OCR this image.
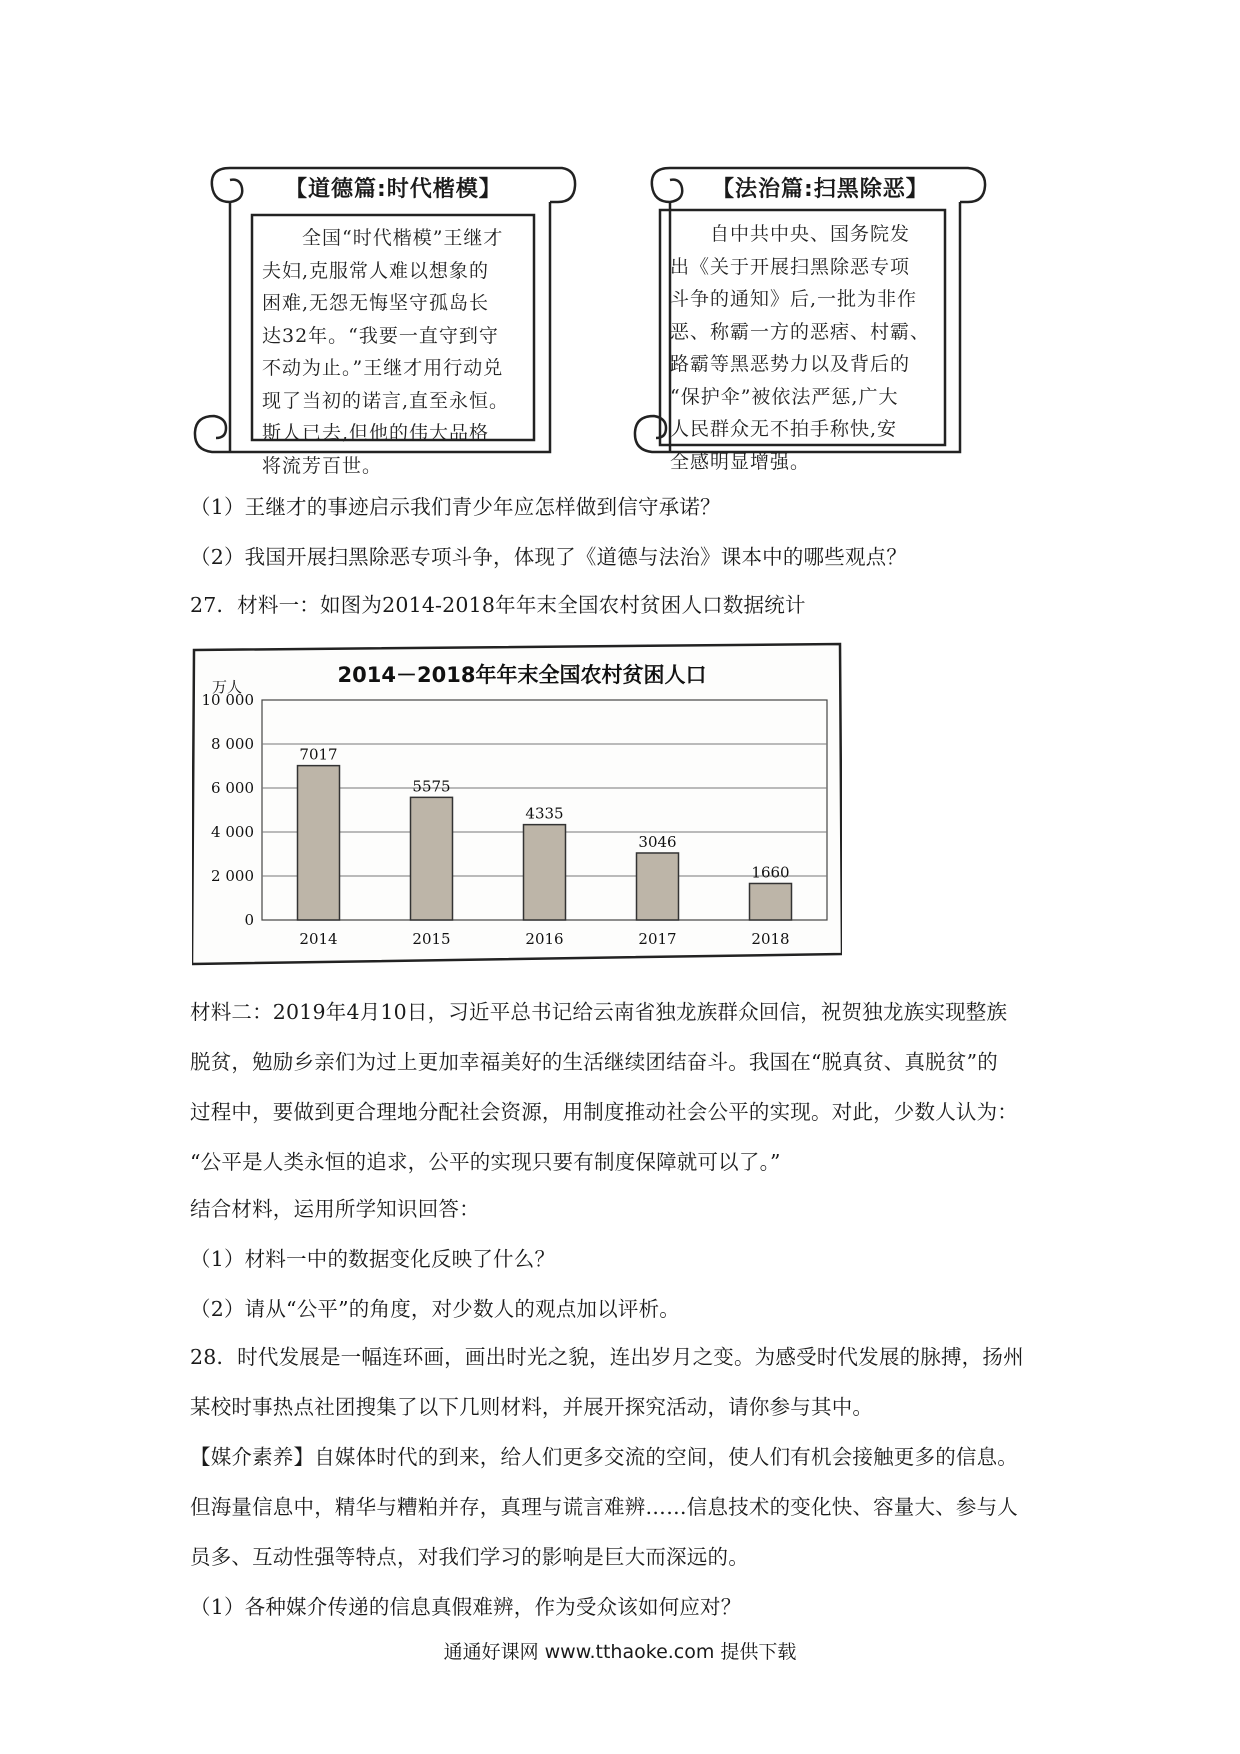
【道德篇:时代楷模】
　　全国“时代楷模”王继才
夫妇,克服常人难以想象的
困难,无怨无悔坚守孤岛长
达32年。“我要一直守到守
不动为止。”王继才用行动兑
现了当初的诺言,直至永恒。
斯人已去,但他的伟大品格
将流芳百世。
【法治篇:扫黑除恶】
　　自中共中央、国务院发
出《关于开展扫黑除恶专项
斗争的通知》后,一批为非作
恶、称霸一方的恶痞、村霸、
路霸等黑恶势力以及背后的
“保护伞”被依法严惩,广大
人民群众无不拍手称快,安
全感明显增强。
（1）王继才的事迹启示我们青少年应怎样做到信守承诺？
（2）我国开展扫黑除恶专项斗争，体现了《道德与法治》课本中的哪些观点？
27．材料一：如图为2014-2018年年末全国农村贫困人口数据统计
2014－2018年年末全国农村贫困人口
万人
10 000
8 000
6 000
4 000
2 000
0
7017
2014
5575
2015
4335
2016
3046
2017
1660
2018
材料二：2019年4月10日，习近平总书记给云南省独龙族群众回信，祝贺独龙族实现整族
脱贫，勉励乡亲们为过上更加幸福美好的生活继续团结奋斗。我国在“脱真贫、真脱贫”的
过程中，要做到更合理地分配社会资源，用制度推动社会公平的实现。对此，少数人认为：
“公平是人类永恒的追求，公平的实现只要有制度保障就可以了。”
结合材料，运用所学知识回答：
（1）材料一中的数据变化反映了什么？
（2）请从“公平”的角度，对少数人的观点加以评析。
28．时代发展是一幅连环画，画出时光之貌，连出岁月之变。为感受时代发展的脉搏，扬州
某校时事热点社团搜集了以下几则材料，并展开探究活动，请你参与其中。
【媒介素养】自媒体时代的到来，给人们更多交流的空间，使人们有机会接触更多的信息。
但海量信息中，精华与糟粕并存，真理与谎言难辨……信息技术的变化快、容量大、参与人
员多、互动性强等特点，对我们学习的影响是巨大而深远的。
（1）各种媒介传递的信息真假难辨，作为受众该如何应对？
通通好课网 www.tthaoke.com 提供下载
